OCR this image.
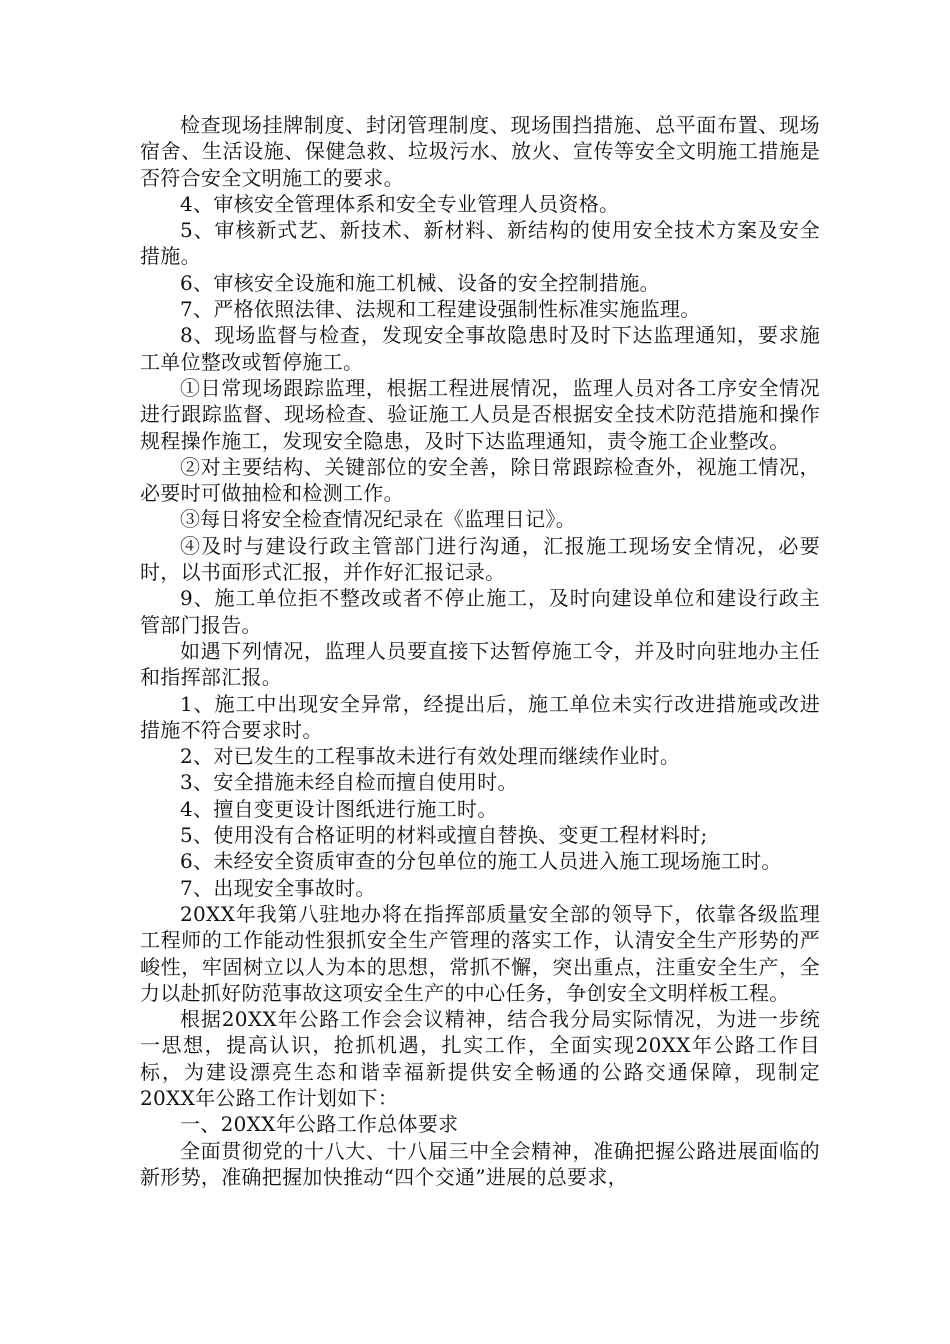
检查现场挂牌制度、封闭管理制度、现场围挡措施、总平面布置、现场宿舍、生活设施、保健急救、垃圾污水、放火、宣传等安全文明施工措施是否符合安全文明施工的要求。

4、审核安全管理体系和安全专业管理人员资格。

5、审核新式艺、新技术、新材料、新结构的使用安全技术方案及安全措施。

6、审核安全设施和施工机械、设备的安全控制措施。

7、严格依照法律、法规和工程建设强制性标准实施监理。

8、现场监督与检查，发现安全事故隐患时及时下达监理通知，要求施工单位整改或暂停施工。

①日常现场跟踪监理，根据工程进展情况，监理人员对各工序安全情况进行跟踪监督、现场检查、验证施工人员是否根据安全技术防范措施和操作规程操作施工，发现安全隐患，及时下达监理通知，责令施工企业整改。

②对主要结构、关键部位的安全善，除日常跟踪检查外，视施工情况，必要时可做抽检和检测工作。

③每日将安全检查情况纪录在《监理日记》。

④及时与建设行政主管部门进行沟通，汇报施工现场安全情况，必要时，以书面形式汇报，并作好汇报记录。

9、施工单位拒不整改或者不停止施工，及时向建设单位和建设行政主管部门报告。

如遇下列情况，监理人员要直接下达暂停施工令，并及时向驻地办主任和指挥部汇报。

1、施工中出现安全异常，经提出后，施工单位未实行改进措施或改进措施不符合要求时。

2、对已发生的工程事故未进行有效处理而继续作业时。

3、安全措施未经自检而擅自使用时。

4、擅自变更设计图纸进行施工时。

5、使用没有合格证明的材料或擅自替换、变更工程材料时;

6、未经安全资质审查的分包单位的施工人员进入施工现场施工时。

7、出现安全事故时。

20XX年我第八驻地办将在指挥部质量安全部的领导下，依靠各级监理工程师的工作能动性狠抓安全生产管理的落实工作，认清安全生产形势的严峻性，牢固树立以人为本的思想，常抓不懈，突出重点，注重安全生产，全力以赴抓好防范事故这项安全生产的中心任务，争创安全文明样板工程。

根据20XX年公路工作会会议精神，结合我分局实际情况，为进一步统一思想，提高认识，抢抓机遇，扎实工作，全面实现20XX年公路工作目标，为建设漂亮生态和谐幸福新提供安全畅通的公路交通保障，现制定20XX年公路工作计划如下：

一、20XX年公路工作总体要求

全面贯彻党的十八大、十八届三中全会精神，准确把握公路进展面临的新形势，准确把握加快推动“四个交通”进展的总要求，
